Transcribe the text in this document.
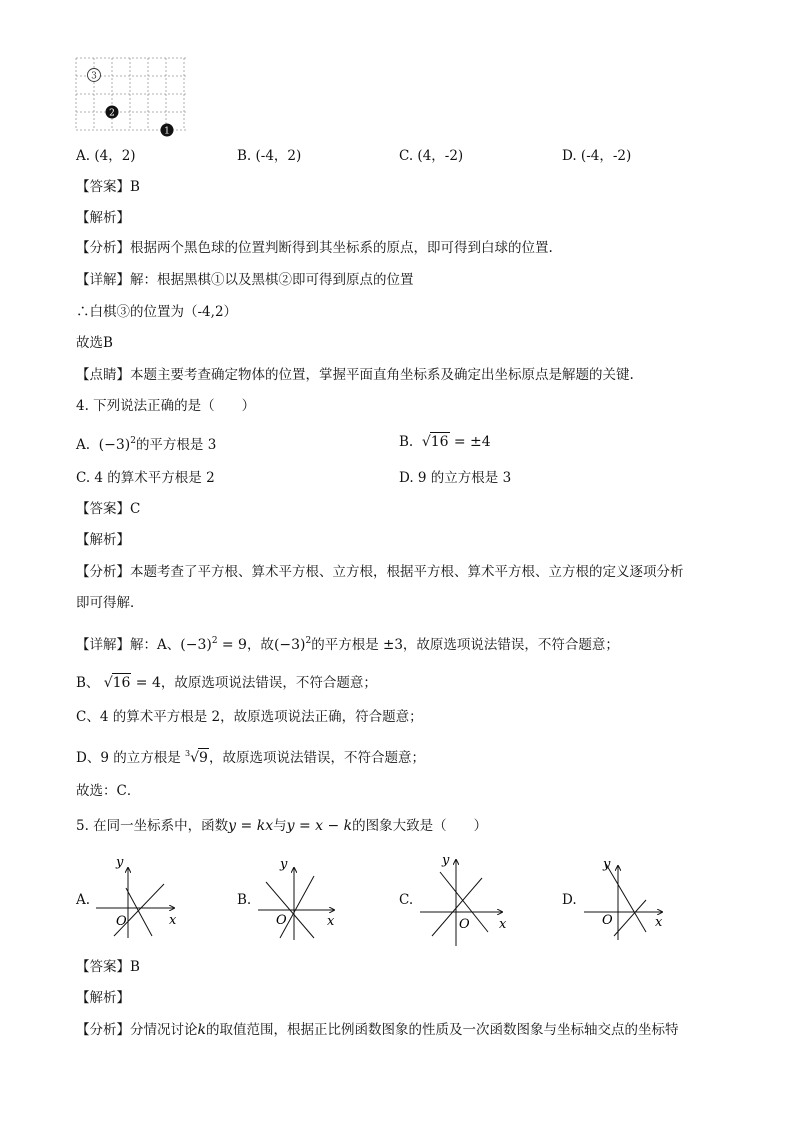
3
2
1
A. (4，2)	B. (-4，2)	C. (4，-2)	D. (-4，-2)
【答案】B
【解析】
【分析】根据两个黑色球的位置判断得到其坐标系的原点，即可得到白球的位置.
【详解】解：根据黑棋①以及黑棋②即可得到原点的位置
∴白棋③的位置为（-4,2）
故选B
【点睛】本题主要考查确定物体的位置，掌握平面直角坐标系及确定出坐标原点是解题的关键.
4. 下列说法正确的是（　　）
A. $(-3)^2$的平方根是 3	B. √16 = ±4
C. 4 的算术平方根是 2	D. 9 的立方根是 3
【答案】C
【解析】
【分析】本题考查了平方根、算术平方根、立方根，根据平方根、算术平方根、立方根的定义逐项分析
即可得解．
【详解】解：A、$(-3)^2 = 9$，故$(-3)^2$的平方根是 ±3，故原选项说法错误，不符合题意；
B、 √16 = 4，故原选项说法错误，不符合题意；
C、4 的算术平方根是 2，故原选项说法正确，符合题意；
D、9 的立方根是 $^3$√9，故原选项说法错误，不符合题意；
故选：C．
5. 在同一坐标系中，函数y = kx与y = x − k的图象大致是（　　）
A.
y
x
O
B.
y
x
O
C.
y
x
O
D.
y
x
O
【答案】B
【解析】
【分析】分情况讨论k的取值范围，根据正比例函数图象的性质及一次函数图象与坐标轴交点的坐标特
